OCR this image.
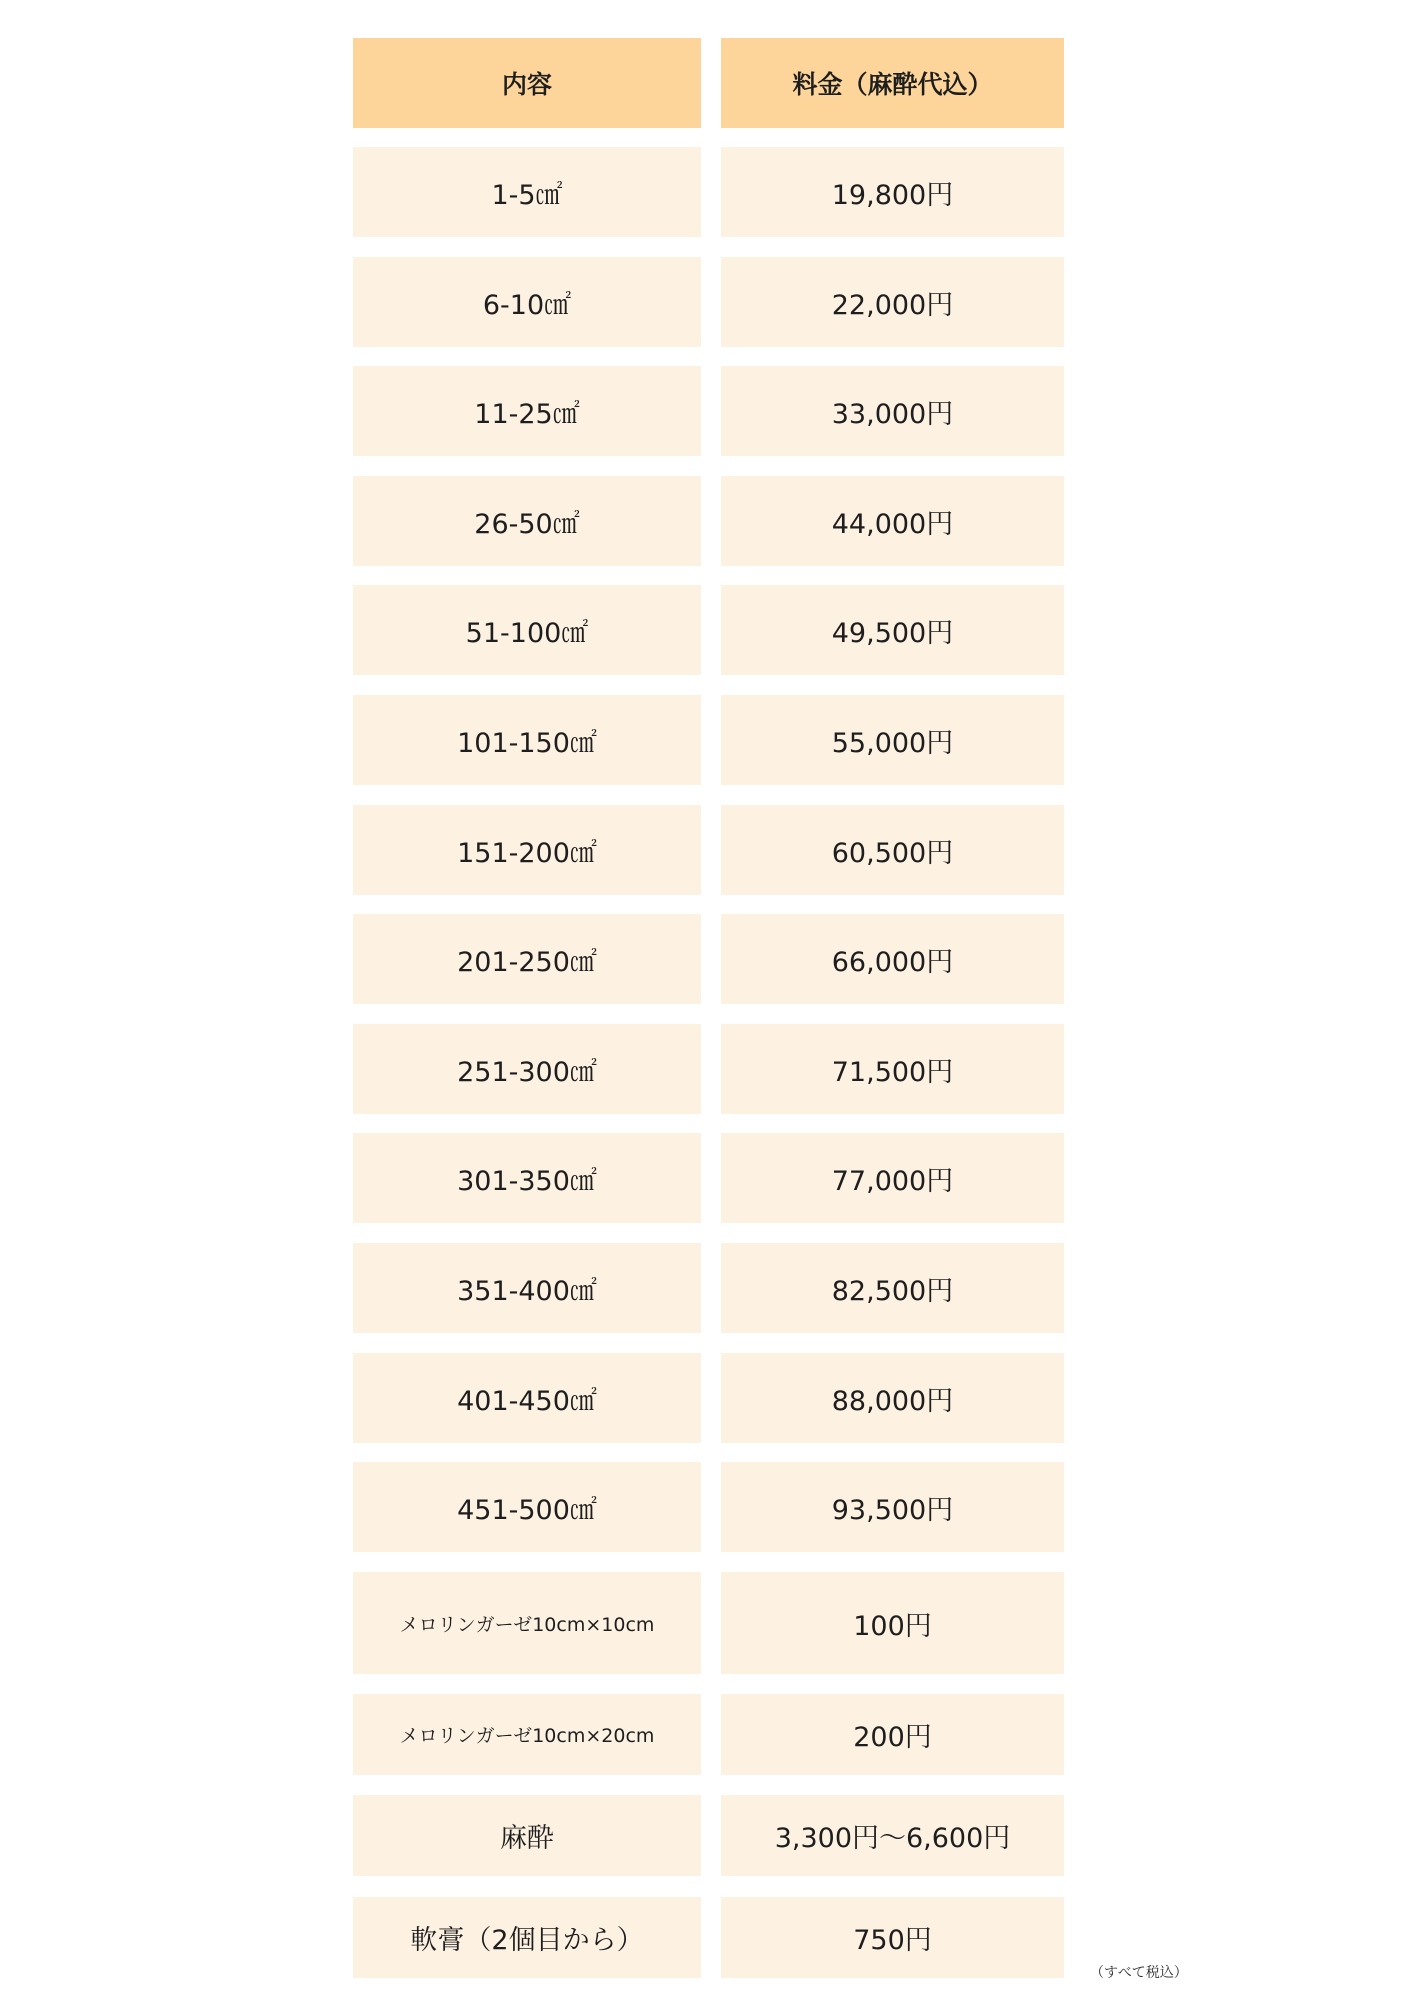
内容	料金（麻酔代込）
1-5㎠	19,800円
6-10㎠	22,000円
11-25㎠	33,000円
26-50㎠	44,000円
51-100㎠	49,500円
101-150㎠	55,000円
151-200㎠	60,500円
201-250㎠	66,000円
251-300㎠	71,500円
301-350㎠	77,000円
351-400㎠	82,500円
401-450㎠	88,000円
451-500㎠	93,500円
メロリンガーゼ10cm×10cm	100円
メロリンガーゼ10cm×20cm	200円
麻酔	3,300円〜6,600円
軟膏（2個目から）	750円
（すべて税込）
